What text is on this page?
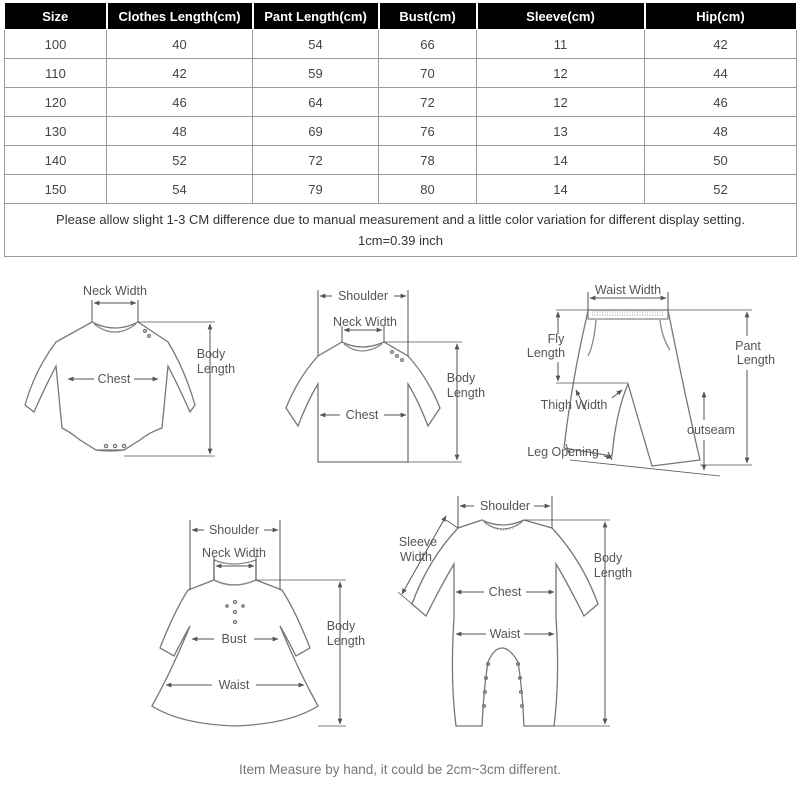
Size	Clothes Length(cm)	Pant Length(cm)	Bust(cm)	Sleeve(cm)	Hip(cm)
100	40	54	66	11	42
110	42	59	70	12	44
120	46	64	72	12	46
130	48	69	76	13	48
140	52	72	78	14	50
150	54	79	80	14	52

Please allow slight 1-3 CM difference due to manual measurement and a little color variation for different display setting.
1cm=0.39 inch					
Neck Width
Chest
Body
Length
Shoulder
Neck Width
Chest
Body
Length
Waist Width
Fly
Length	Pant
Length
Thigh Width
outseam
Leg Opening
Shoulder
Neck Width
Bust
Waist
Body
Length
Shoulder
Sleeve
Width
Chest
Waist
Body
Length
Item Measure by hand, it could be 2cm~3cm different.
